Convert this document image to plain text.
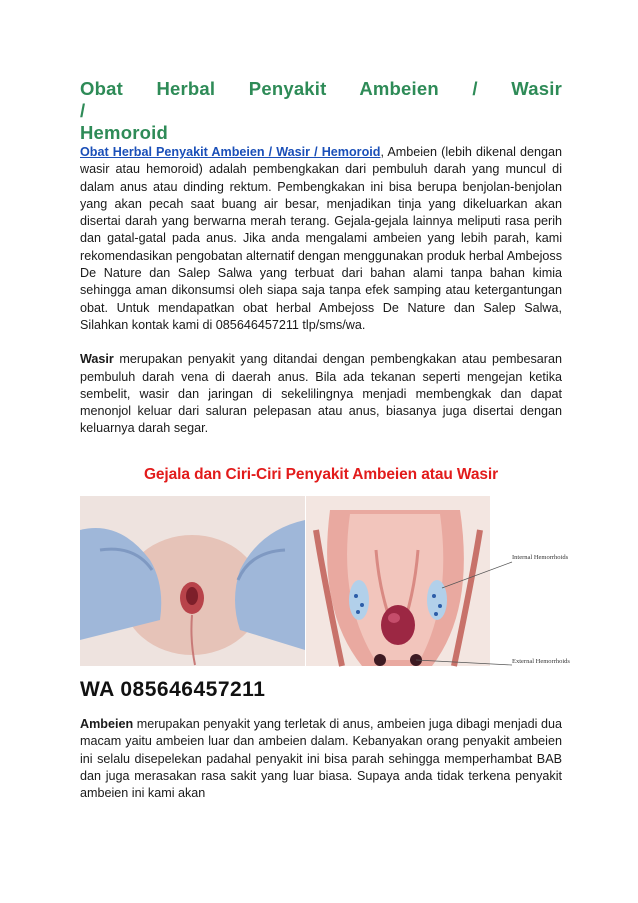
Obat Herbal Penyakit Ambeien / Wasir /
Hemoroid

Obat Herbal Penyakit Ambeien / Wasir / Hemoroid, Ambeien (lebih dikenal dengan wasir atau hemoroid) adalah pembengkakan dari pembuluh darah yang muncul di dalam anus atau dinding rektum. Pembengkakan ini bisa berupa benjolan-benjolan yang akan pecah saat buang air besar, menjadikan tinja yang dikeluarkan akan disertai darah yang berwarna merah terang. Gejala-gejala lainnya meliputi rasa perih dan gatal-gatal pada anus. Jika anda mengalami ambeien yang lebih parah, kami rekomendasikan pengobatan alternatif dengan menggunakan produk herbal Ambejoss De Nature dan Salep Salwa yang terbuat dari bahan alami tanpa bahan kimia sehingga aman dikonsumsi oleh siapa saja tanpa efek samping atau ketergantungan obat. Untuk mendapatkan obat herbal Ambejoss De Nature dan Salep Salwa, Silahkan kontak kami di 085646457211 tlp/sms/wa.

Wasir merupakan penyakit yang ditandai dengan pembengkakan atau pembesaran pembuluh darah vena di daerah anus. Bila ada tekanan seperti mengejan ketika sembelit, wasir dan jaringan di sekelilingnya menjadi membengkak dan dapat menonjol keluar dari saluran pelepasan atau anus, biasanya juga disertai dengan keluarnya darah segar.

Gejala dan Ciri-Ciri Penyakit Ambeien atau Wasir
Internal Hemorrhoids
External Hemorrhoids
WA 085646457211

Ambeien merupakan penyakit yang terletak di anus, ambeien juga dibagi menjadi dua macam yaitu ambeien luar dan ambeien dalam. Kebanyakan orang penyakit ambeien ini selalu disepelekan padahal penyakit ini bisa parah sehingga memperhambat BAB dan juga merasakan rasa sakit yang luar biasa. Supaya anda tidak terkena penyakit ambeien ini kami akan
